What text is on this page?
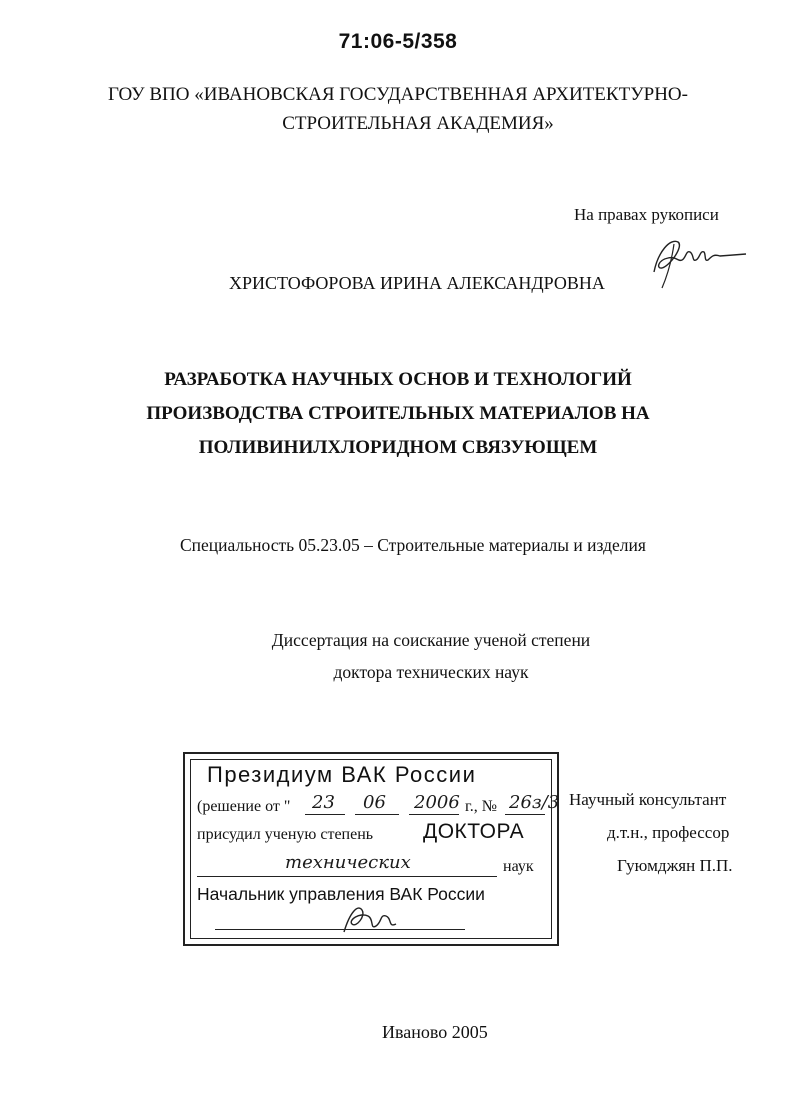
71:06-5/358
ГОУ ВПО «ИВАНОВСКАЯ ГОСУДАРСТВЕННАЯ АРХИТЕКТУРНО-
СТРОИТЕЛЬНАЯ АКАДЕМИЯ»
На правах рукописи
ХРИСТОФОРОВА ИРИНА АЛЕКСАНДРОВНА
РАЗРАБОТКА НАУЧНЫХ ОСНОВ И ТЕХНОЛОГИЙ
ПРОИЗВОДСТВА СТРОИТЕЛЬНЫХ МАТЕРИАЛОВ НА
ПОЛИВИНИЛХЛОРИДНОМ СВЯЗУЮЩЕМ
Специальность 05.23.05 – Строительные материалы и изделия
Диссертация на соискание ученой степени
доктора технических наук
Президиум ВАК России
(решение от " 23 06 2006 г., № 26з/3
присудил ученую степень ДОКТОРА
технических	наук
Начальник управления ВАК России
Научный консультант
д.т.н., профессор
Гуюмджян П.П.
Иваново 2005
